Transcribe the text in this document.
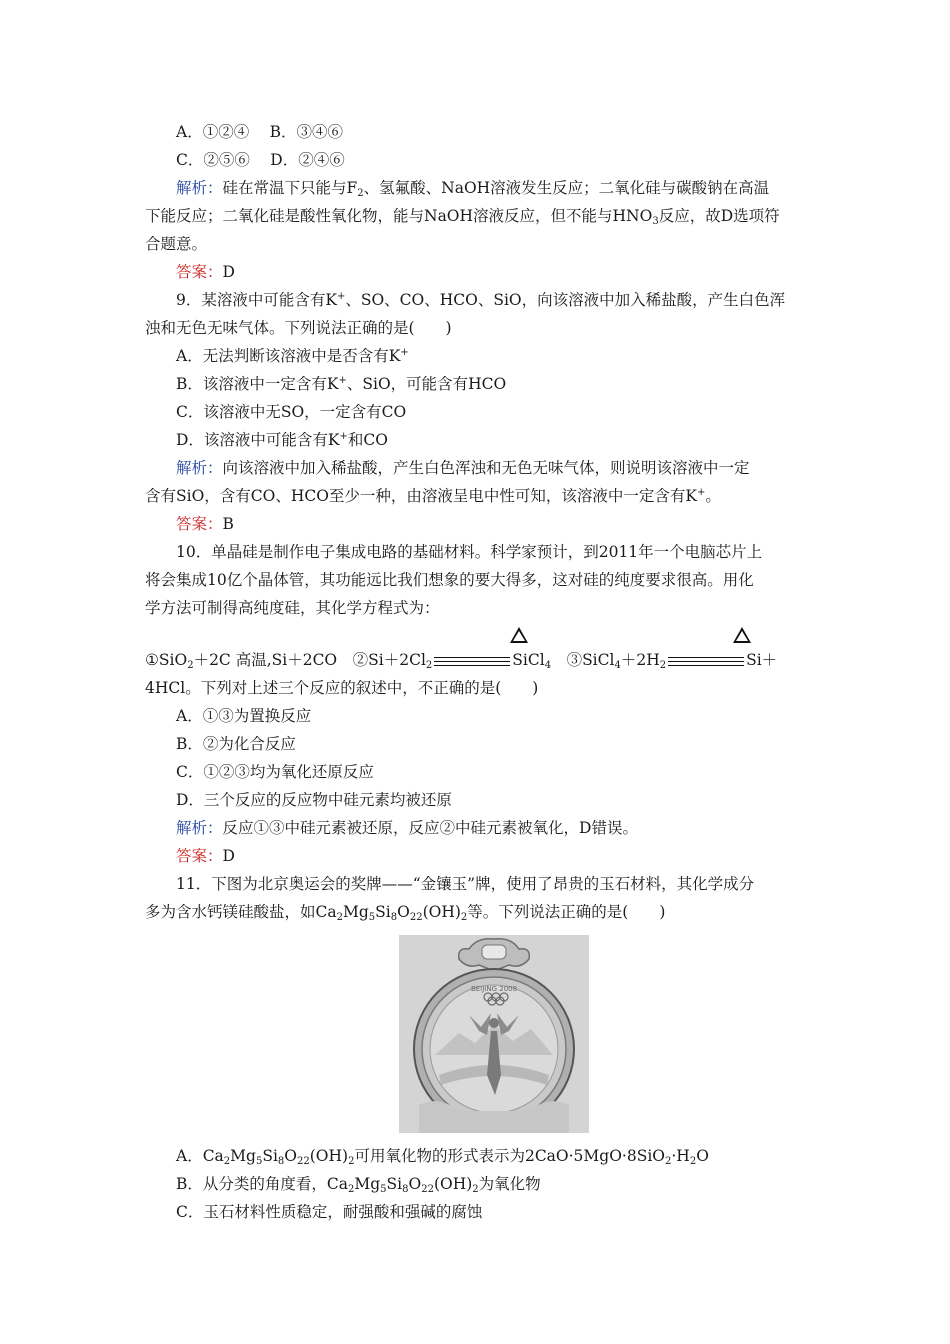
A．①②④　 B．③④⑥
C．②⑤⑥　 D．②④⑥
解析：硅在常温下只能与$F_2$、氢氟酸、NaOH溶液发生反应；二氧化硅与碳酸钠在高温
下能反应；二氧化硅是酸性氧化物，能与NaOH溶液反应，但不能与$HNO_3$反应，故D选项符
合题意。
答案：D
9．某溶液中可能含有K+、SO、CO、HCO、SiO，向该溶液中加入稀盐酸，产生白色浑
浊和无色无味气体。下列说法正确的是(　　)
A．无法判断该溶液中是否含有K+
B．该溶液中一定含有K+、SiO，可能含有HCO
C．该溶液中无SO，一定含有CO
D．该溶液中可能含有K+和CO
解析：向该溶液中加入稀盐酸，产生白色浑浊和无色无味气体，则说明该溶液中一定
含有SiO，含有CO、HCO至少一种，由溶液呈电中性可知，该溶液中一定含有K+。
答案：B
10．单晶硅是制作电子集成电路的基础材料。科学家预计，到2011年一个电脑芯片上
将会集成10亿个晶体管，其功能远比我们想象的要大得多，这对硅的纯度要求很高。用化
学方法可制得高纯度硅，其化学方程式为：
①SiO$_2$＋2C 高温,Si＋2CO　$②Si+2Cl_2$	SiCl$_4$　$③SiCl_4+2H_2$	Si＋
4HCl。下列对上述三个反应的叙述中，不正确的是(　　)
A．①③为置换反应
B．②为化合反应
C．①②③均为氧化还原反应
D．三个反应的反应物中硅元素均被还原
解析：反应①③中硅元素被还原，反应②中硅元素被氧化，D错误。
答案：D
11．下图为北京奥运会的奖牌——“金镶玉”牌，使用了昂贵的玉石材料，其化学成分
多为含水钙镁硅酸盐，如$Ca_2Mg_5Si_8O_{22}(OH)_2$等。下列说法正确的是(　　)
BEIJING 2008
A．$Ca_2Mg_5Si_8O_{22}(OH)_2$可用氧化物的形式表示为$2CaO\cdot 5MgO\cdot 8SiO_2\cdot H_2O$
B．从分类的角度看，$Ca_2Mg_5Si_8O_{22}(OH)_2$为氧化物
C．玉石材料性质稳定，耐强酸和强碱的腐蚀
